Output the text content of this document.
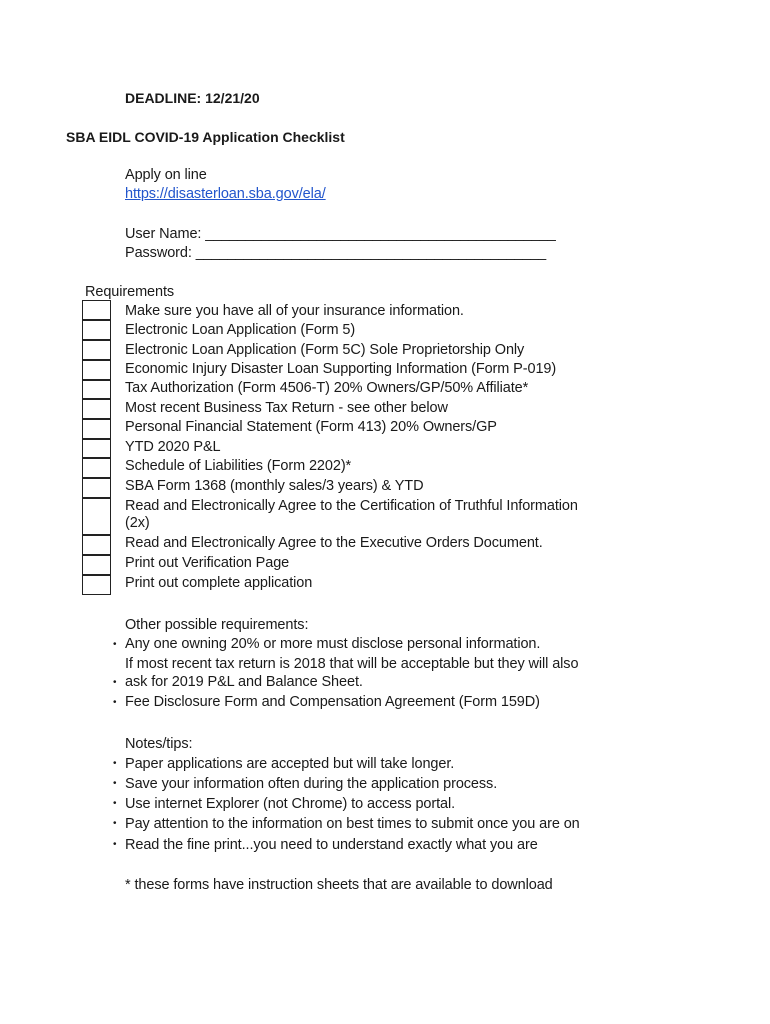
DEADLINE: 12/21/20
SBA EIDL COVID-19 Application Checklist
Apply on line
https://disasterloan.sba.gov/ela/
User Name: ____________________________________________
Password: ____________________________________________
Requirements
Make sure you have all of your insurance information.
Electronic Loan Application (Form 5)
Electronic Loan Application (Form 5C) Sole Proprietorship Only
Economic Injury Disaster Loan Supporting Information (Form P-019)
Tax Authorization (Form 4506-T) 20% Owners/GP/50% Affiliate*
Most recent Business Tax Return - see other below
Personal Financial Statement (Form 413) 20% Owners/GP
YTD 2020 P&L
Schedule of Liabilities (Form 2202)*
SBA Form 1368 (monthly sales/3 years) & YTD
Read and Electronically Agree to the Certification of Truthful Information
(2x)
Read and Electronically Agree to the Executive Orders Document.
Print out Verification Page
Print out complete application
Other possible requirements:
• Any one owning 20% or more must disclose personal information.
If most recent tax return is 2018 that will be acceptable but they will also
• ask for 2019 P&L and Balance Sheet.
• Fee Disclosure Form and Compensation Agreement (Form 159D)
Notes/tips:
• Paper applications are accepted but will take longer.
• Save your information often during the application process.
• Use internet Explorer (not Chrome) to access portal.
• Pay attention to the information on best times to submit once you are on
• Read the fine print...you need to understand exactly what you are
* these forms have instruction sheets that are available to download
